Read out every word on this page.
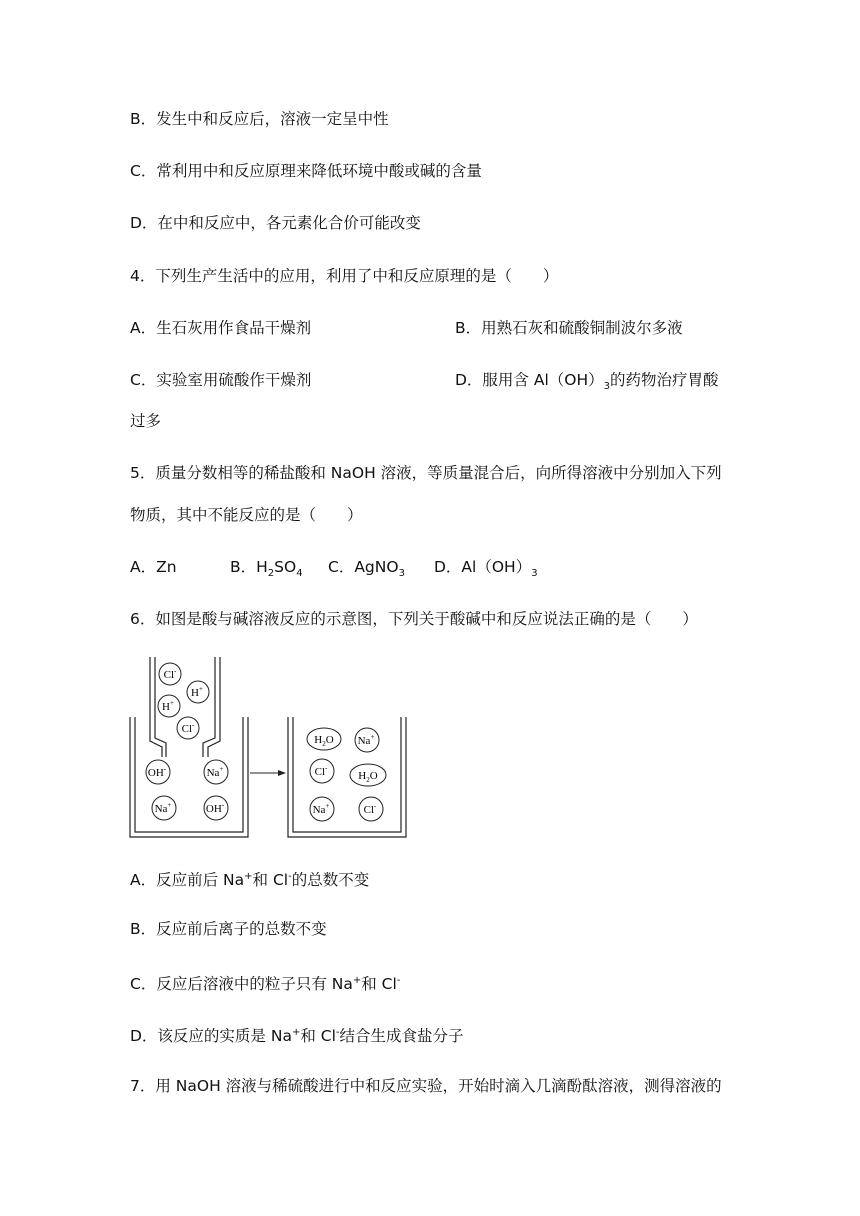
B．发生中和反应后，溶液一定呈中性
C．常利用中和反应原理来降低环境中酸或碱的含量
D．在中和反应中，各元素化合价可能改变
4．下列生产生活中的应用，利用了中和反应原理的是（　　）
A．生石灰用作食品干燥剂	B．用熟石灰和硫酸铜制波尔多液
C．实验室用硫酸作干燥剂	D．服用含 $Al(OH)_3$的药物治疗胃酸
过多
5．质量分数相等的稀盐酸和 NaOH 溶液，等质量混合后，向所得溶液中分别加入下列
物质，其中不能反应的是（　　）
A．Zn	B．$H_2SO_4$ C．AgNO$_3$ D．$Al(OH)_3$
6．如图是酸与碱溶液反应的示意图，下列关于酸碱中和反应说法正确的是（　　）
Cl-
H+
H+
Cl-
OH-	Na+
Na+	OH-
$H_2O$ Na+
Cl-
$H_2O$
Na+	Cl-
A．反应前后 Na+和 Cl-的总数不变
B．反应前后离子的总数不变
C．反应后溶液中的粒子只有 Na+和 Cl-
D．该反应的实质是 Na+和 Cl-结合生成食盐分子
7．用 NaOH 溶液与稀硫酸进行中和反应实验，开始时滴入几滴酚酞溶液，测得溶液的
